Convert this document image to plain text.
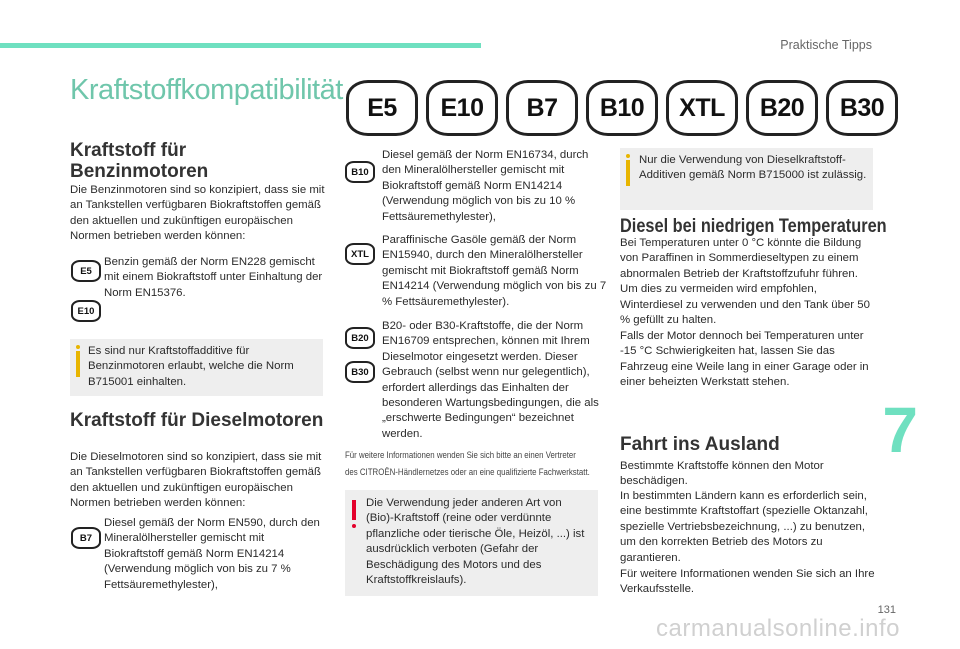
Praktische Tipps
7
131
carmanualsonline.info
Kraftstoffkompatibilität
E5	E10	B7	B10	XTL	B20	B30
Kraftstoff für Benzinmotoren
Die Benzinmotoren sind so konzipiert, dass sie mit an Tankstellen verfügbaren Biokraftstoffen gemäß den aktuellen und zukünftigen europäischen Normen betrieben werden können:
E5
E10
Benzin gemäß der Norm EN228 gemischt mit einem Biokraftstoff unter Einhaltung der Norm EN15376.
Es sind nur Kraftstoffadditive für Benzinmotoren erlaubt, welche die Norm B715001 einhalten.
Kraftstoff für Dieselmotoren
Die Dieselmotoren sind so konzipiert, dass sie mit an Tankstellen verfügbaren Biokraftstoffen gemäß den aktuellen und zukünftigen europäischen Normen betrieben werden können:
B7
Diesel gemäß der Norm EN590, durch den Mineralölhersteller gemischt mit Biokraftstoff gemäß Norm EN14214 (Verwendung möglich von bis zu 7 % Fettsäuremethylester),
B10
Diesel gemäß der Norm EN16734, durch den Mineralölhersteller gemischt mit Biokraftstoff gemäß Norm EN14214 (Verwendung möglich von bis zu 10 % Fettsäuremethylester),
XTL
Paraffinische Gasöle gemäß der Norm EN15940, durch den Mineralölhersteller gemischt mit Biokraftstoff gemäß Norm EN14214 (Verwendung möglich von bis zu 7 % Fettsäuremethylester).
B20
B30
B20- oder B30-Kraftstoffe, die der Norm EN16709 entsprechen, können mit Ihrem Dieselmotor eingesetzt werden. Dieser Gebrauch (selbst wenn nur gelegentlich), erfordert allerdings das Einhalten der besonderen Wartungsbedingungen, die als „erschwerte Bedingungen“ bezeichnet werden.
Für weitere Informationen wenden Sie sich bitte an einen Vertreter
des CITROËN-Händlernetzes oder an eine qualifizierte Fachwerkstatt.
Die Verwendung jeder anderen Art von (Bio)-Kraftstoff (reine oder verdünnte pflanzliche oder tierische Öle, Heizöl, ...) ist ausdrücklich verboten (Gefahr der Beschädigung des Motors und des Kraftstoffkreislaufs).
Nur die Verwendung von Dieselkraftstoff-Additiven gemäß Norm B715000 ist zulässig.
Diesel bei niedrigen Temperaturen
Bei Temperaturen unter 0 °C könnte die Bildung von Paraffinen in Sommerdieseltypen zu einem abnormalen Betrieb der Kraftstoffzufuhr führen. Um dies zu vermeiden wird empfohlen, Winterdiesel zu verwenden und den Tank über 50 % gefüllt zu halten.
Falls der Motor dennoch bei Temperaturen unter -15 °C Schwierigkeiten hat, lassen Sie das Fahrzeug eine Weile lang in einer Garage oder in einer beheizten Werkstatt stehen.
Fahrt ins Ausland
Bestimmte Kraftstoffe können den Motor beschädigen.
In bestimmten Ländern kann es erforderlich sein, eine bestimmte Kraftstoffart (spezielle Oktanzahl, spezielle Vertriebsbezeichnung, ...) zu benutzen, um den korrekten Betrieb des Motors zu garantieren.
Für weitere Informationen wenden Sie sich an Ihre Verkaufsstelle.
